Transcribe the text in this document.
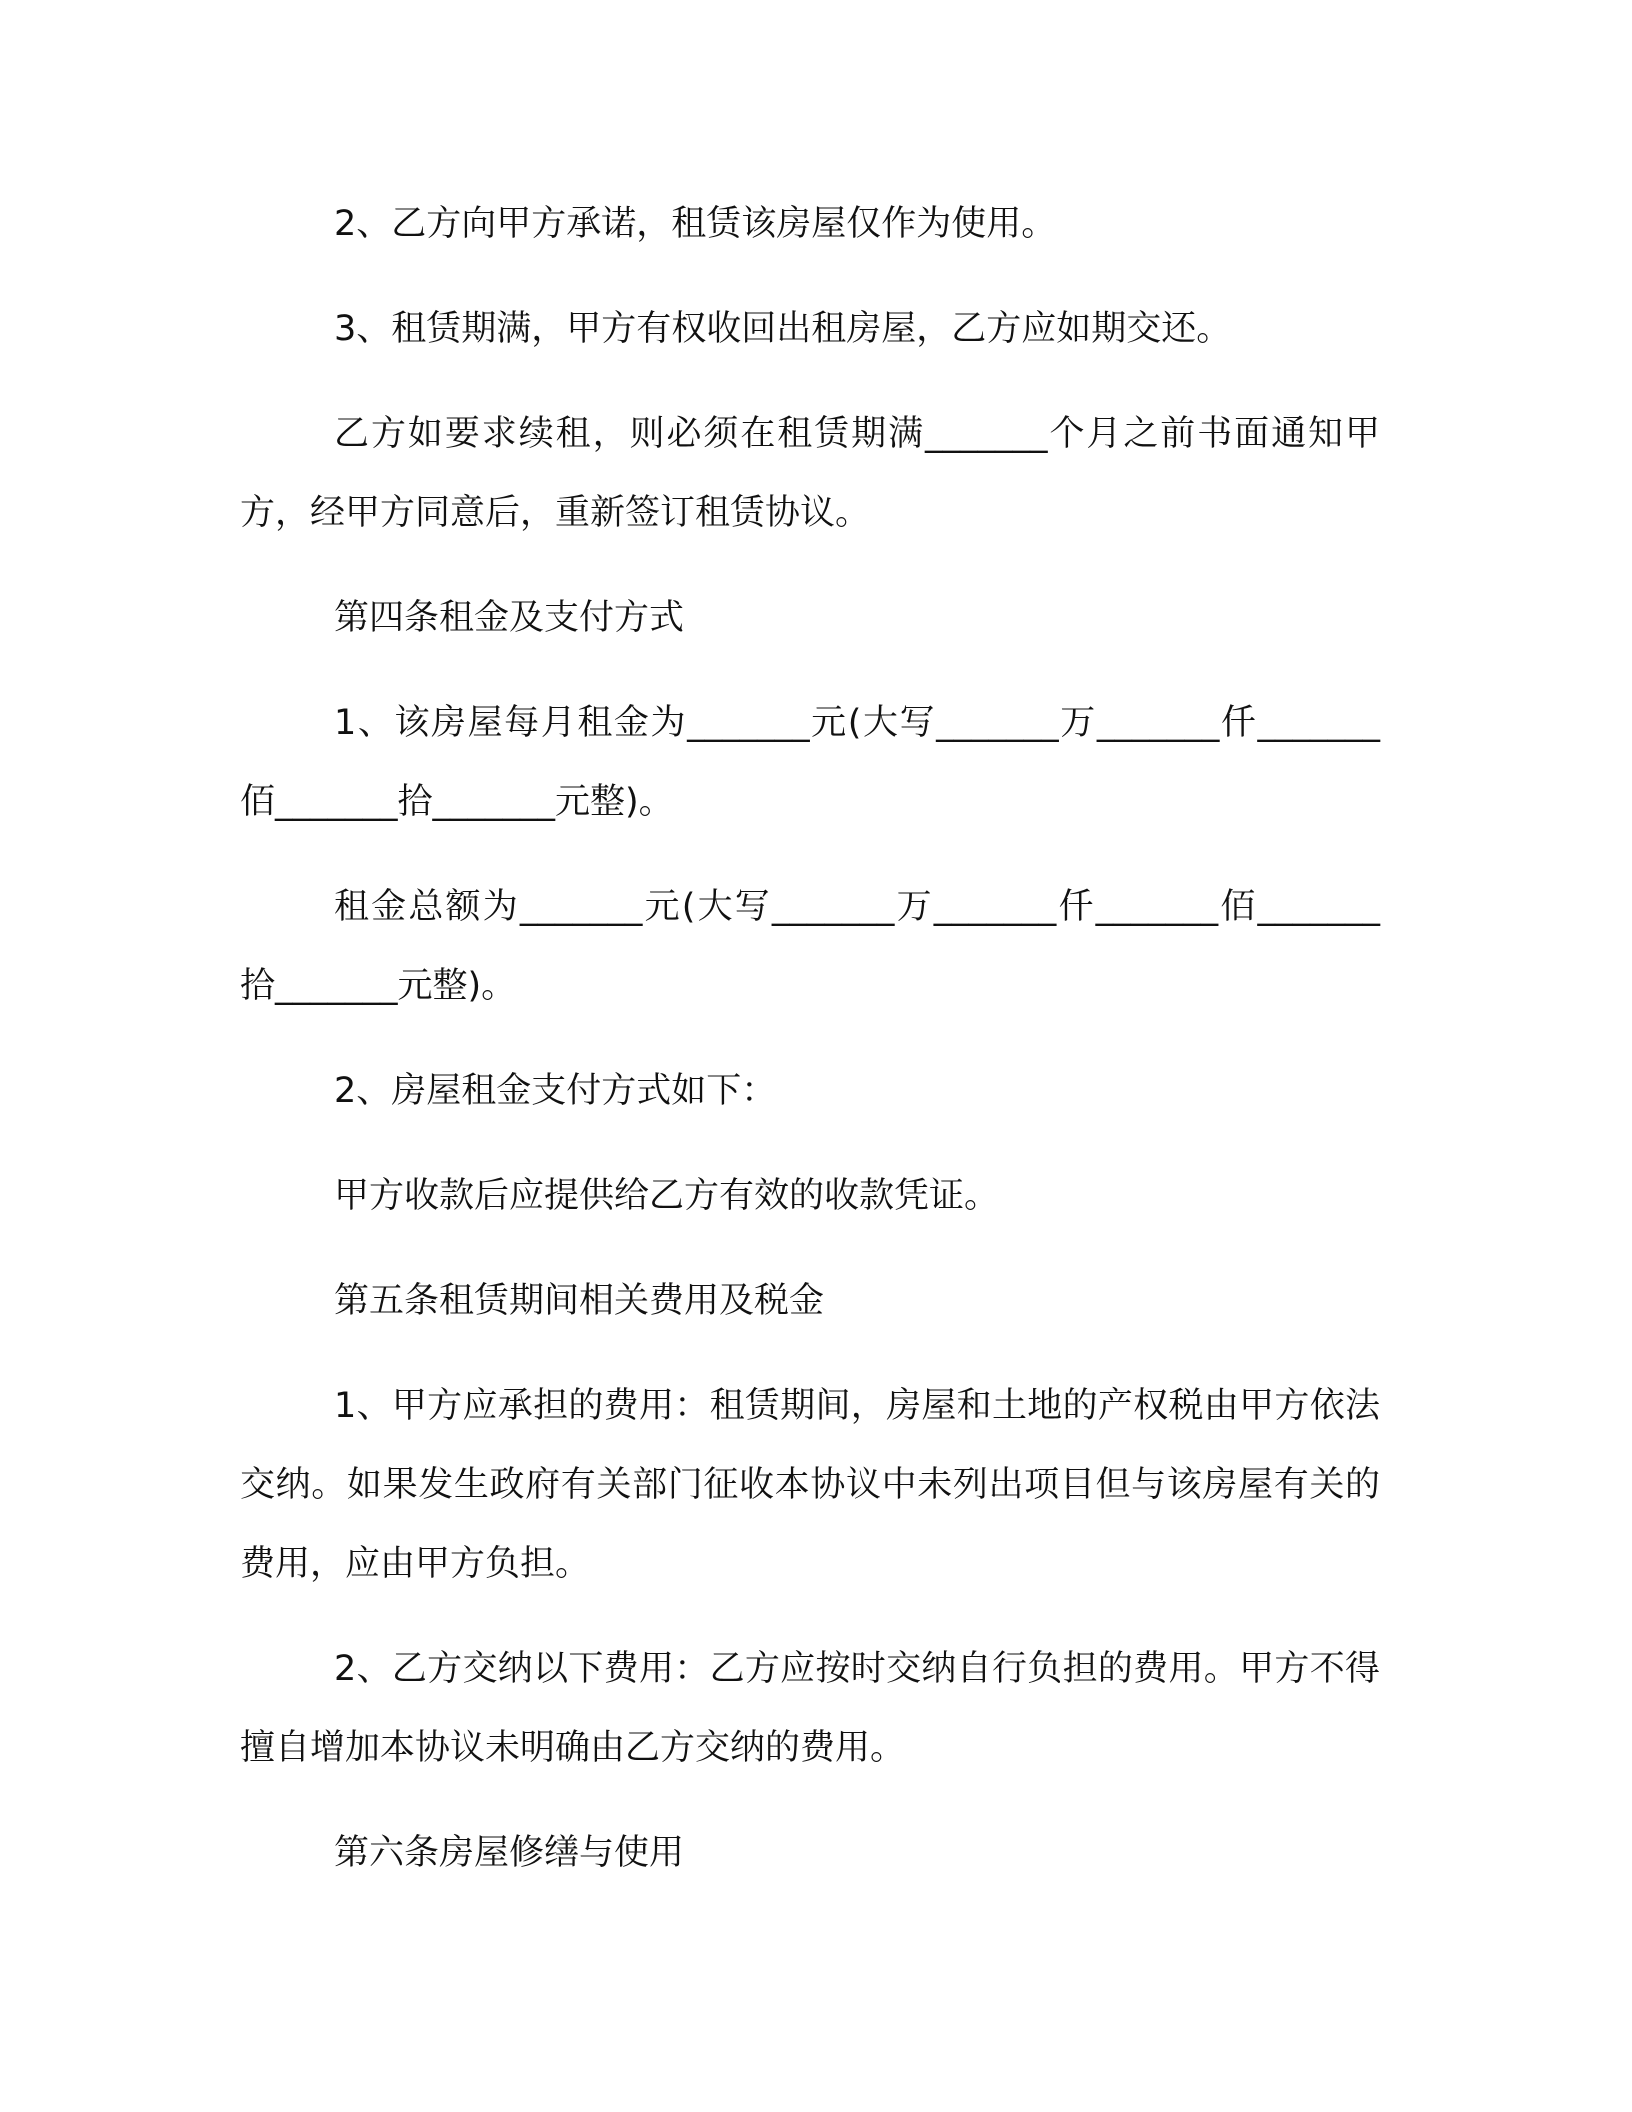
2、乙方向甲方承诺，租赁该房屋仅作为使用。

3、租赁期满，甲方有权收回出租房屋，乙方应如期交还。

乙方如要求续租，则必须在租赁期满_______个月之前书面通知甲方，经甲方同意后，重新签订租赁协议。

第四条租金及支付方式

1、该房屋每月租金为_______元(大写_______万_______仟_______佰_______拾_______元整)。

租金总额为_______元(大写_______万_______仟_______佰_______拾_______元整)。

2、房屋租金支付方式如下：

甲方收款后应提供给乙方有效的收款凭证。

第五条租赁期间相关费用及税金

1、甲方应承担的费用：租赁期间，房屋和土地的产权税由甲方依法交纳。如果发生政府有关部门征收本协议中未列出项目但与该房屋有关的费用，应由甲方负担。

2、乙方交纳以下费用：乙方应按时交纳自行负担的费用。甲方不得擅自增加本协议未明确由乙方交纳的费用。

第六条房屋修缮与使用
